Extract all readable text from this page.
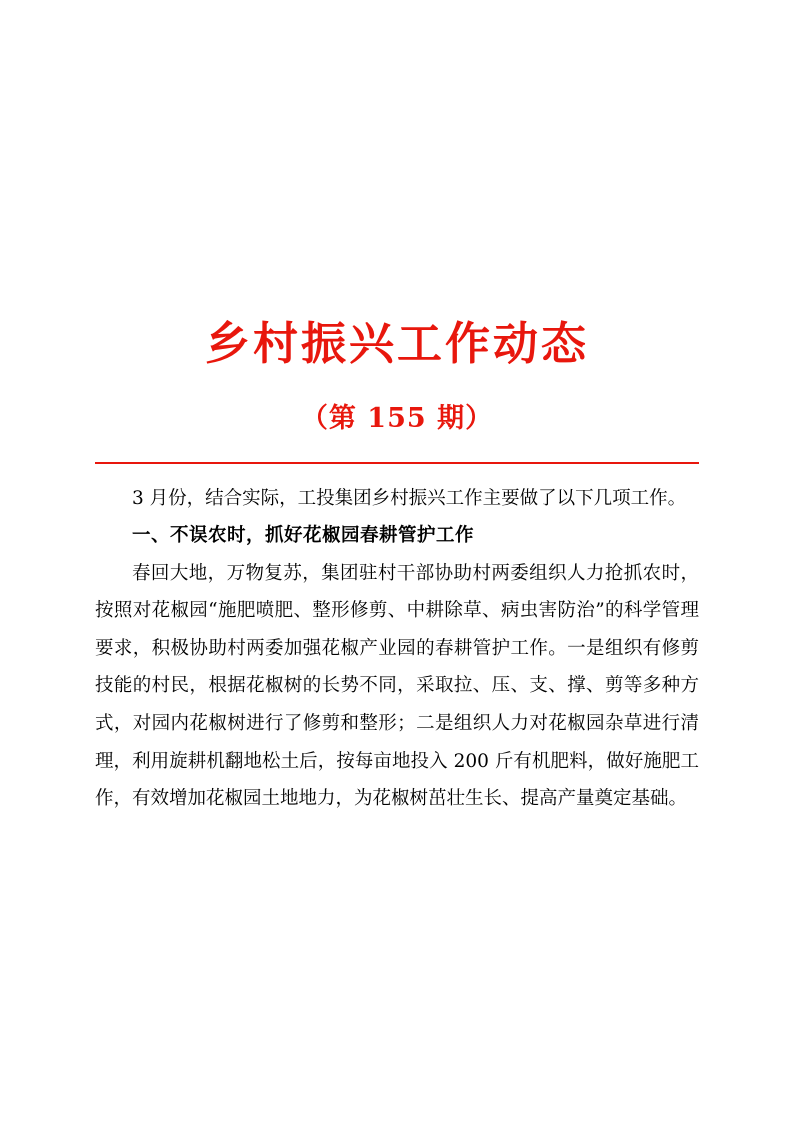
乡村振兴工作动态
（第 155 期）

3 月份，结合实际，工投集团乡村振兴工作主要做了以下几项工作。

一、不误农时，抓好花椒园春耕管护工作

春回大地，万物复苏，集团驻村干部协助村两委组织人力抢抓农时，按照对花椒园“施肥喷肥、整形修剪、中耕除草、病虫害防治”的科学管理要求，积极协助村两委加强花椒产业园的春耕管护工作。一是组织有修剪技能的村民，根据花椒树的长势不同，采取拉、压、支、撑、剪等多种方式，对园内花椒树进行了修剪和整形；二是组织人力对花椒园杂草进行清理，利用旋耕机翻地松土后，按每亩地投入 200 斤有机肥料，做好施肥工作，有效增加花椒园土地地力，为花椒树茁壮生长、提高产量奠定基础。
